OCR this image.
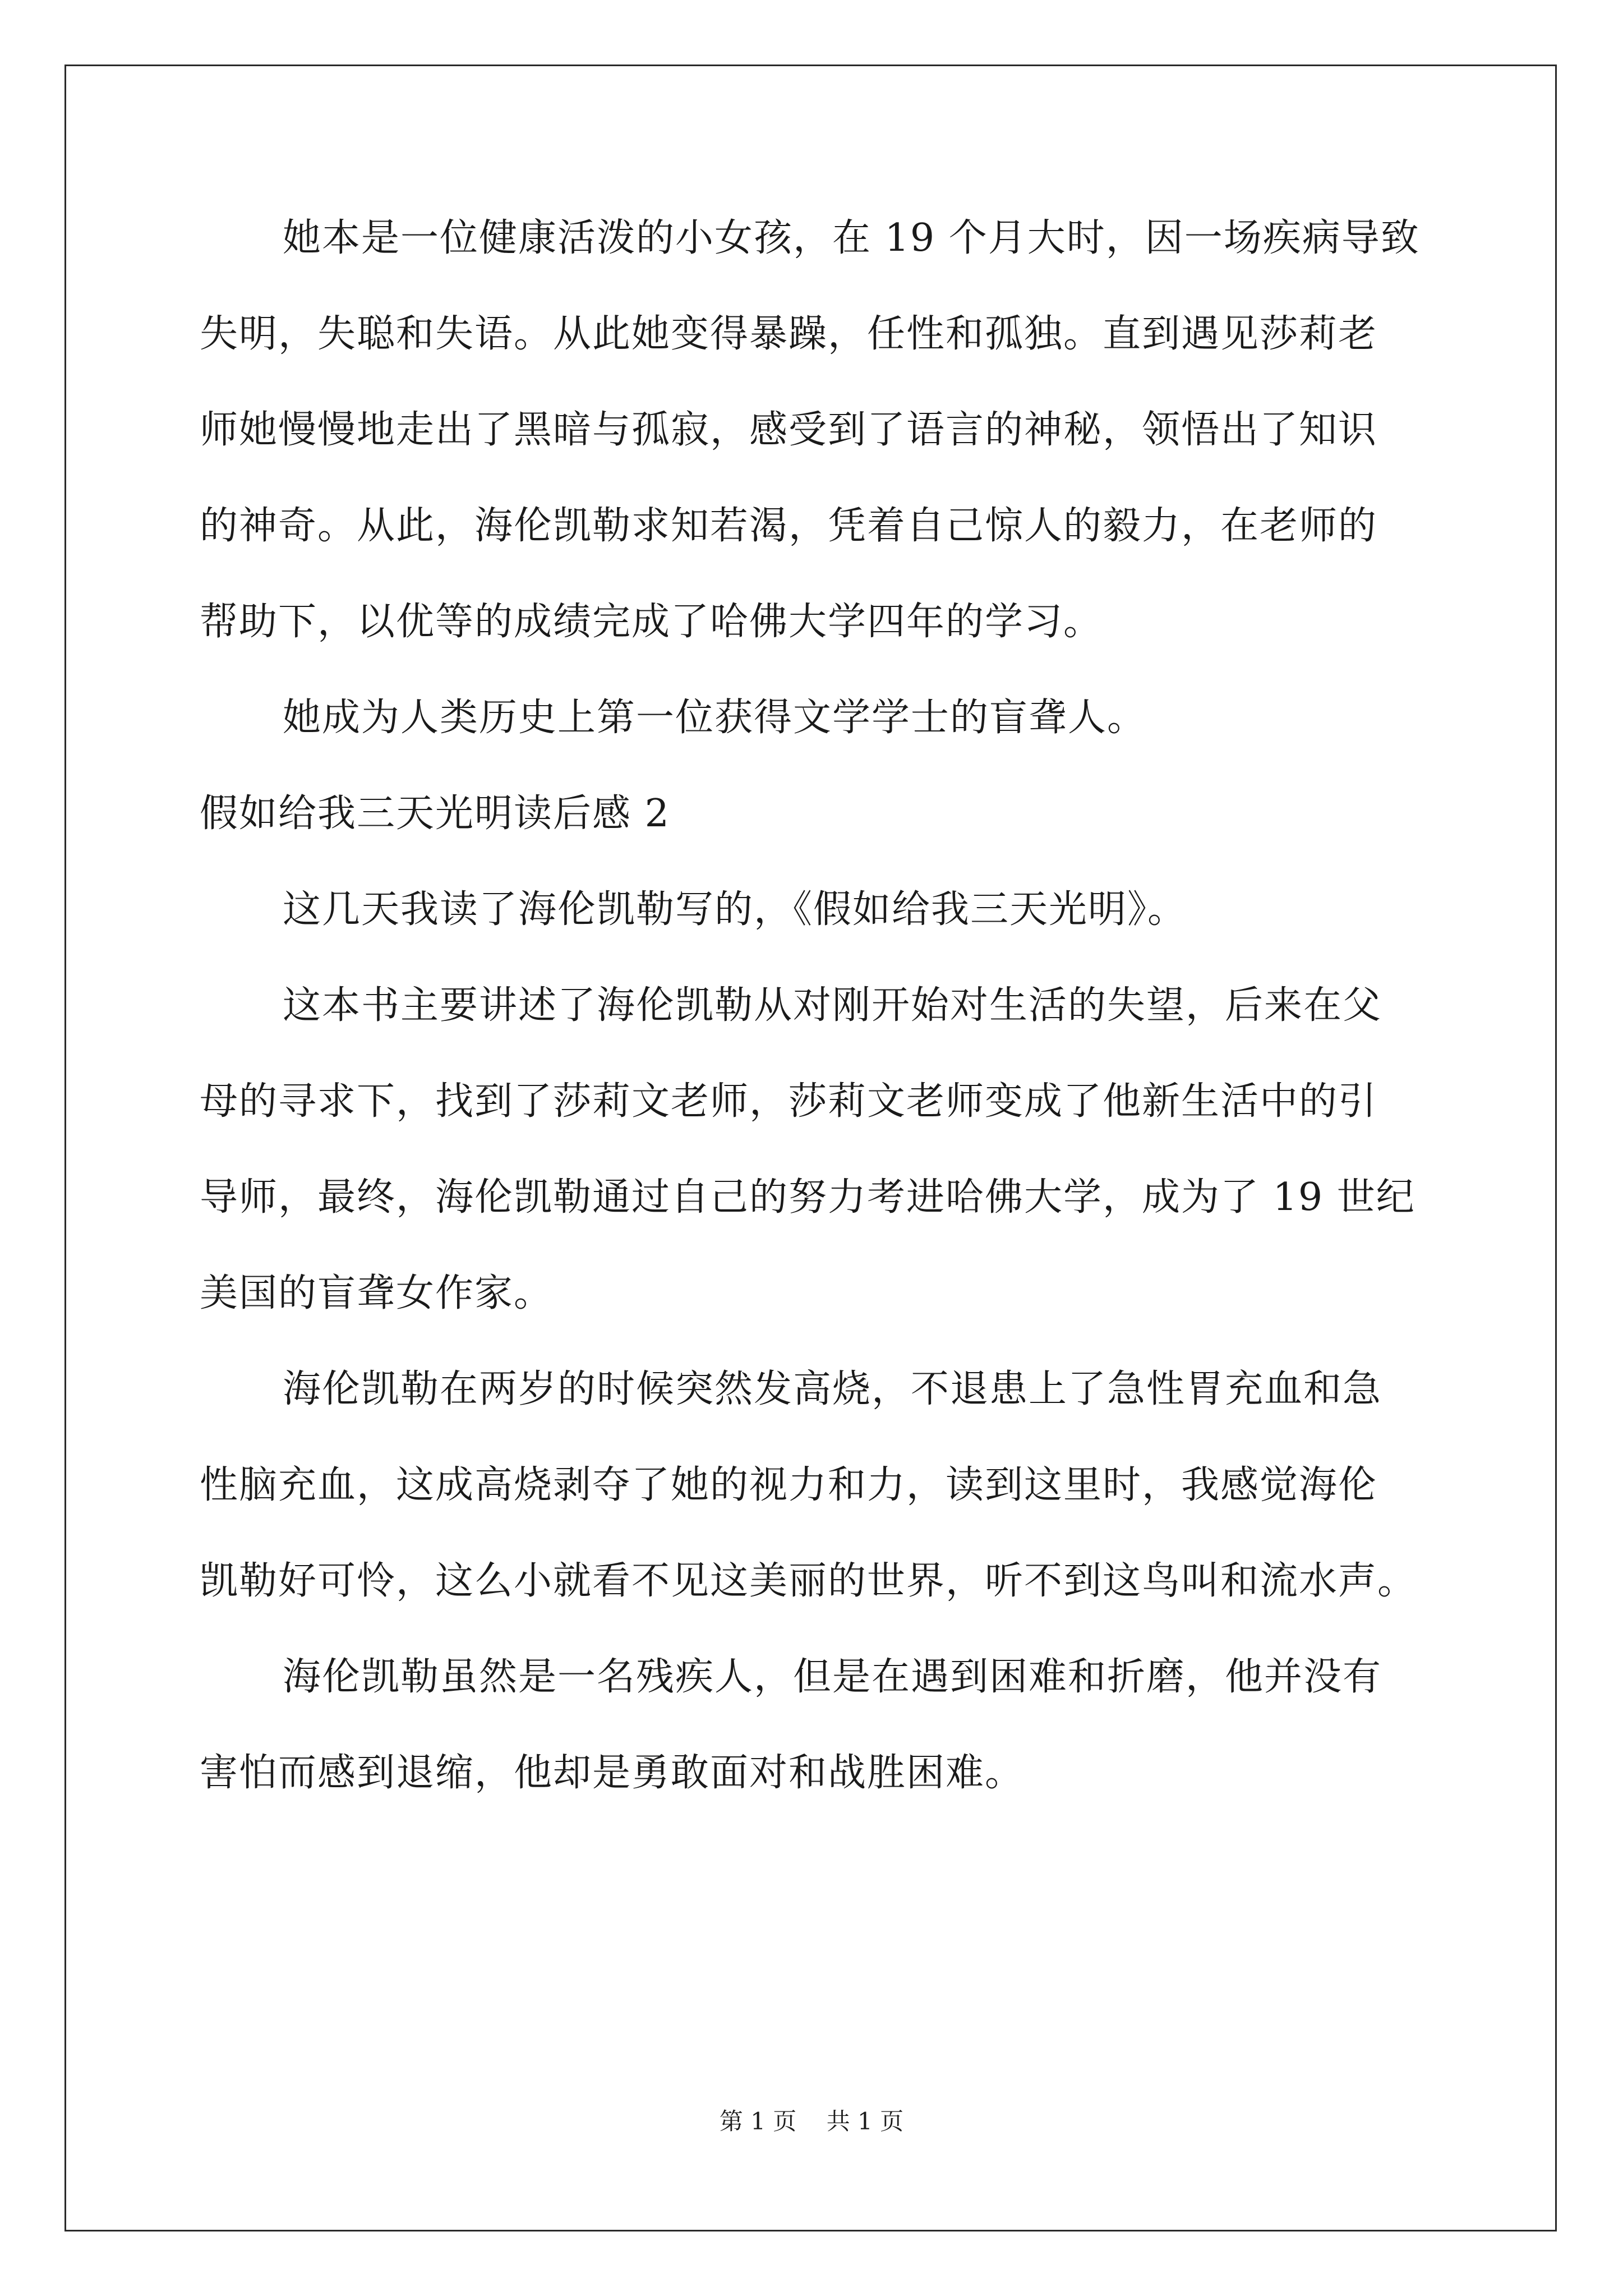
她本是一位健康活泼的小女孩，在 19 个月大时，因一场疾病导致
失明，失聪和失语。从此她变得暴躁，任性和孤独。直到遇见莎莉老
师她慢慢地走出了黑暗与孤寂，感受到了语言的神秘，领悟出了知识
的神奇。从此，海伦凯勒求知若渴，凭着自己惊人的毅力，在老师的
帮助下，以优等的成绩完成了哈佛大学四年的学习。
她成为人类历史上第一位获得文学学士的盲聋人。
假如给我三天光明读后感 2
这几天我读了海伦凯勒写的，《假如给我三天光明》。
这本书主要讲述了海伦凯勒从对刚开始对生活的失望，后来在父
母的寻求下，找到了莎莉文老师，莎莉文老师变成了他新生活中的引
导师，最终，海伦凯勒通过自己的努力考进哈佛大学，成为了 19 世纪
美国的盲聋女作家。
海伦凯勒在两岁的时候突然发高烧，不退患上了急性胃充血和急
性脑充血，这成高烧剥夺了她的视力和力，读到这里时，我感觉海伦
凯勒好可怜，这么小就看不见这美丽的世界，听不到这鸟叫和流水声。
海伦凯勒虽然是一名残疾人，但是在遇到困难和折磨，他并没有
害怕而感到退缩，他却是勇敢面对和战胜困难。
第 1 页    共 1 页
